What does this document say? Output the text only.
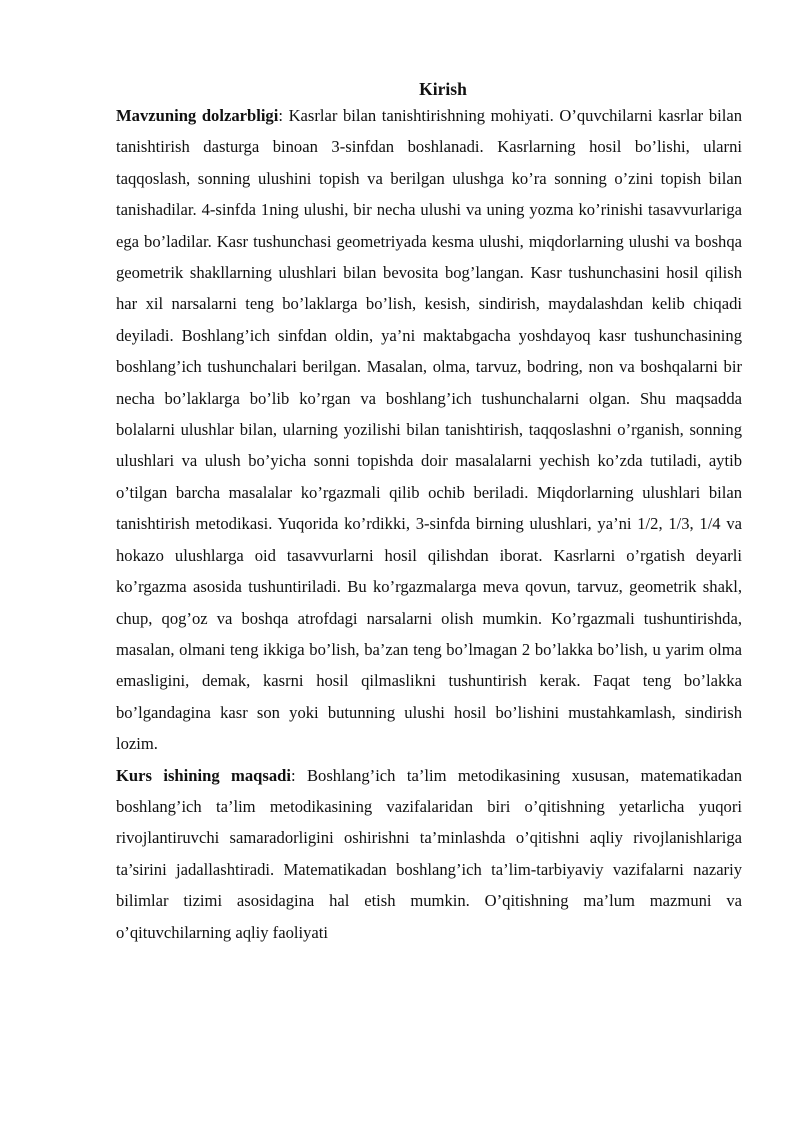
Kirish

Mavzuning dolzarbligi: Kasrlar bilan tanishtirishning mohiyati. O’quvchilarni kasrlar bilan tanishtirish dasturga binoan 3-sinfdan boshlanadi. Kasrlarning hosil bo’lishi, ularni taqqoslash, sonning ulushini topish va berilgan ulushga ko’ra sonning o’zini topish bilan tanishadilar. 4-sinfda 1ning ulushi, bir necha ulushi va uning yozma ko’rinishi tasavvurlariga ega bo’ladilar. Kasr tushunchasi geometriyada kesma ulushi, miqdorlarning ulushi va boshqa geometrik shakllarning ulushlari bilan bevosita bog’langan. Kasr tushunchasini hosil qilish har xil narsalarni teng bo’laklarga bo’lish, kesish, sindirish, maydalashdan kelib chiqadi deyiladi. Boshlang’ich sinfdan oldin, ya’ni maktabgacha yoshdayoq kasr tushunchasining boshlang’ich tushunchalari berilgan. Masalan, olma, tarvuz, bodring, non va boshqalarni bir necha bo’laklarga bo’lib ko’rgan va boshlang’ich tushunchalarni olgan. Shu maqsadda bolalarni ulushlar bilan, ularning yozilishi bilan tanishtirish, taqqoslashni o’rganish, sonning ulushlari va ulush bo’yicha sonni topishda doir masalalarni yechish ko’zda tutiladi, aytib o’tilgan barcha masalalar ko’rgazmali qilib ochib beriladi. Miqdorlarning ulushlari bilan tanishtirish metodikasi. Yuqorida ko’rdikki, 3-sinfda birning ulushlari, ya’ni 1/2, 1/3, 1/4 va hokazo ulushlarga oid tasavvurlarni hosil qilishdan iborat. Kasrlarni o’rgatish deyarli ko’rgazma asosida tushuntiriladi. Bu ko’rgazmalarga meva qovun, tarvuz, geometrik shakl, chup, qog’oz va boshqa atrofdagi narsalarni olish mumkin. Ko’rgazmali tushuntirishda, masalan, olmani teng ikkiga bo’lish, ba’zan teng bo’lmagan 2 bo’lakka bo’lish, u yarim olma emasligini, demak, kasrni hosil qilmaslikni tushuntirish kerak. Faqat teng bo’lakka bo’lgandagina kasr son yoki butunning ulushi hosil bo’lishini mustahkamlash, sindirish lozim.

Kurs ishining maqsadi: Boshlang’ich ta’lim metodikasining xususan, matematikadan boshlang’ich ta’lim metodikasining vazifalaridan biri o’qitishning yetarlicha yuqori rivojlantiruvchi samaradorligini oshirishni ta’minlashda o’qitishni aqliy rivojlanishlariga ta’sirini jadallashtiradi. Matematikadan boshlang’ich ta’lim-tarbiyaviy vazifalarni nazariy bilimlar tizimi asosidagina hal etish mumkin. O’qitishning ma’lum mazmuni va o’qituvchilarning aqliy faoliyati
